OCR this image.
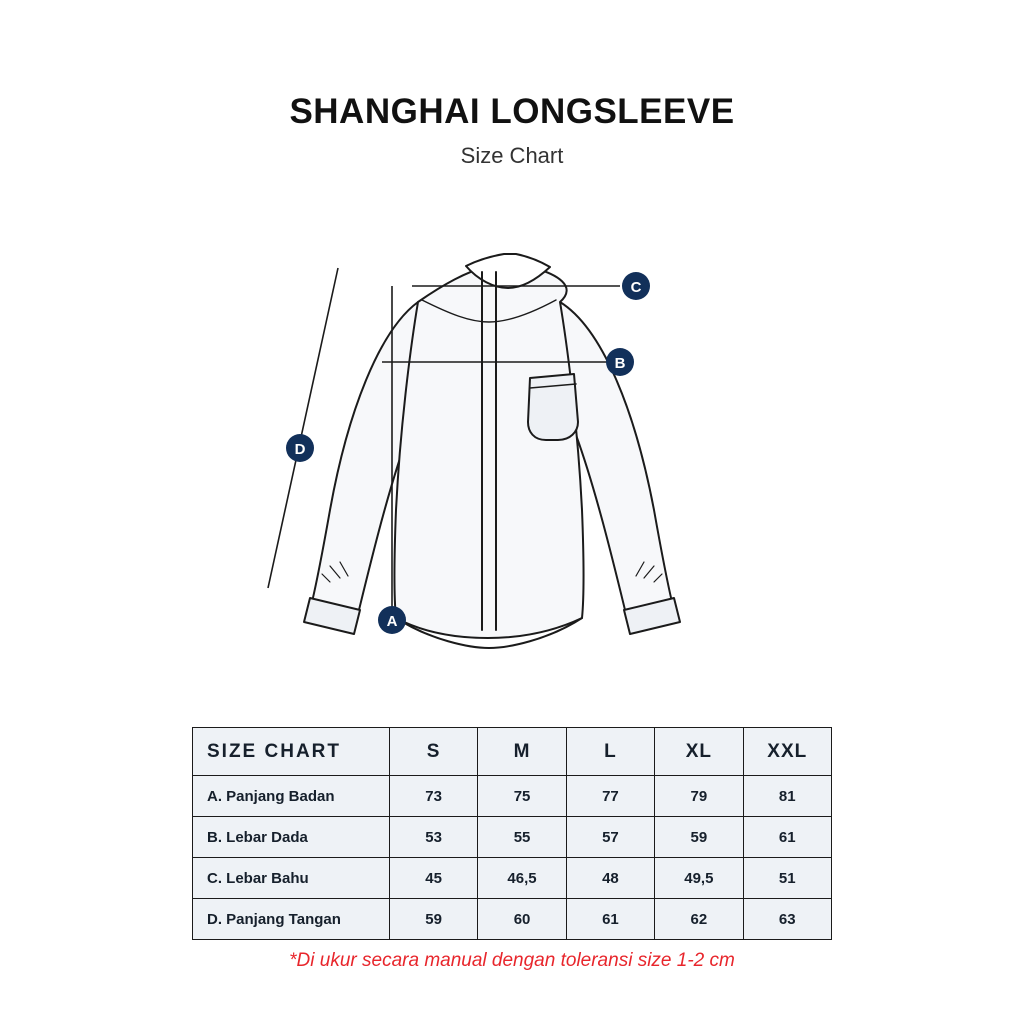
SHANGHAI LONGSLEEVE
Size Chart
A
B
C
D
SIZE CHART	S	M	L	XL	XXL
A. Panjang Badan	73	75	77	79	81
B. Lebar Dada	53	55	57	59	61
C. Lebar Bahu	45	46,5	48	49,5	51
D. Panjang Tangan	59	60	61	62	63
*Di ukur secara manual dengan toleransi size 1-2 cm
